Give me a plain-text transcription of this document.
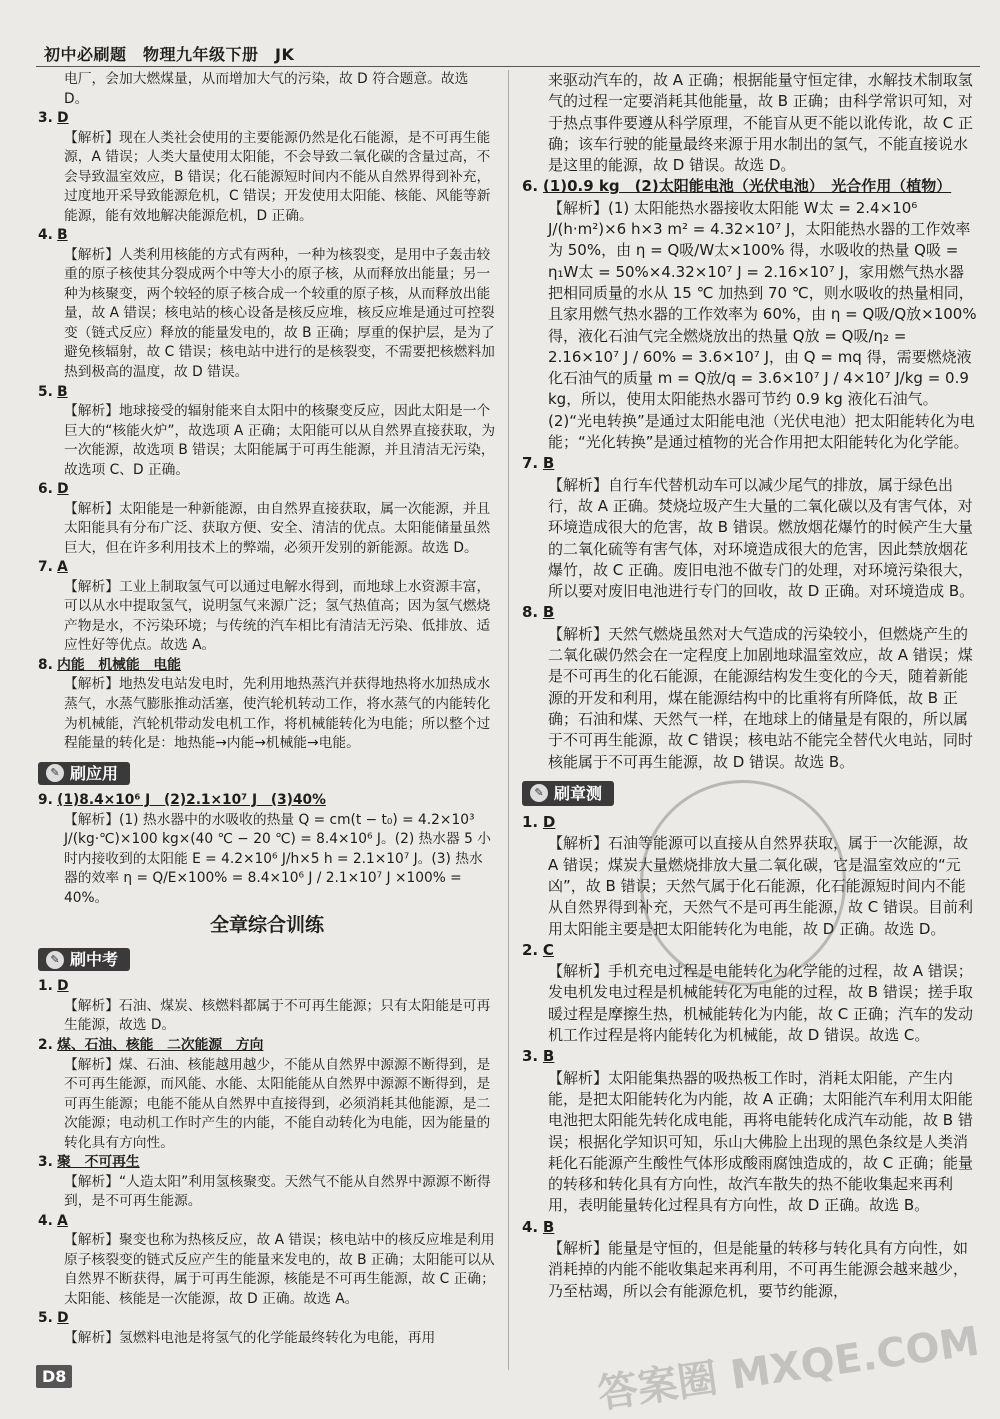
初中必刷题　物理九年级下册　JK

电厂，会加大燃煤量，从而增加大气的污染，故 D 符合题意。故选 D。

3. D

【解析】现在人类社会使用的主要能源仍然是化石能源，是不可再生能源，A 错误；人类大量使用太阳能，不会导致二氧化碳的含量过高，不会导致温室效应，B 错误；化石能源短时间内不能从自然界得到补充，过度地开采导致能源危机，C 错误；开发使用太阳能、核能、风能等新能源，能有效地解决能源危机，D 正确。

4. B

【解析】人类利用核能的方式有两种，一种为核裂变，是用中子轰击较重的原子核使其分裂成两个中等大小的原子核，从而释放出能量；另一种为核聚变，两个较轻的原子核合成一个较重的原子核，从而释放出能量，故 A 错误；核电站的核心设备是核反应堆，核反应堆是通过可控裂变（链式反应）释放的能量发电的，故 B 正确；厚重的保护层，是为了避免核辐射，故 C 错误；核电站中进行的是核裂变，不需要把核燃料加热到极高的温度，故 D 错误。

5. B

【解析】地球接受的辐射能来自太阳中的核聚变反应，因此太阳是一个巨大的“核能火炉”，故选项 A 正确；太阳能可以从自然界直接获取，为一次能源，故选项 B 错误；太阳能属于可再生能源，并且清洁无污染，故选项 C、D 正确。

6. D

【解析】太阳能是一种新能源，由自然界直接获取，属一次能源，并且太阳能具有分布广泛、获取方便、安全、清洁的优点。太阳能储量虽然巨大，但在许多利用技术上的弊端，必须开发别的新能源。故选 D。

7. A

【解析】工业上制取氢气可以通过电解水得到，而地球上水资源丰富，可以从水中提取氢气，说明氢气来源广泛；氢气热值高；因为氢气燃烧产物是水，不污染环境；与传统的汽车相比有清洁无污染、低排放、适应性好等优点。故选 A。

8. 内能　机械能　电能

【解析】地热发电站发电时，先利用地热蒸汽并获得地热将水加热成水蒸气，水蒸气膨胀推动活塞，使汽轮机转动工作，将水蒸气的内能转化为机械能，汽轮机带动发电机工作，将机械能转化为电能；所以整个过程能量的转化是：地热能→内能→机械能→电能。

✎ 刷应用

9. (1)8.4×10⁶ J　(2)2.1×10⁷ J　(3)40%

【解析】(1) 热水器中的水吸收的热量 Q = cm(t − t₀) = 4.2×10³ J/(kg·℃)×100 kg×(40 ℃ − 20 ℃) = 8.4×10⁶ J。(2) 热水器 5 小时内接收到的太阳能 E = 4.2×10⁶ J/h×5 h = 2.1×10⁷ J。(3) 热水器的效率 η = Q/E×100% = 8.4×10⁶ J / 2.1×10⁷ J ×100% = 40%。

全章综合训练
✎ 刷中考

1. D

【解析】石油、煤炭、核燃料都属于不可再生能源；只有太阳能是可再生能源，故选 D。

2. 煤、石油、核能　二次能源　方向

【解析】煤、石油、核能越用越少，不能从自然界中源源不断得到，是不可再生能源，而风能、水能、太阳能能从自然界中源源不断得到，是可再生能源；电能不能从自然界中直接得到，必须消耗其他能源，是二次能源；电动机工作时产生的内能，不能自动转化为电能，因为能量的转化具有方向性。

3. 聚　不可再生

【解析】“人造太阳”利用氢核聚变。天然气不能从自然界中源源不断得到，是不可再生能源。

4. A

【解析】聚变也称为热核反应，故 A 错误；核电站中的核反应堆是利用原子核裂变的链式反应产生的能量来发电的，故 B 正确；太阳能可以从自然界不断获得，属于可再生能源，核能是不可再生能源，故 C 正确；太阳能、核能是一次能源，故 D 正确。故选 A。

5. D

【解析】氢燃料电池是将氢气的化学能最终转化为电能，再用

来驱动汽车的，故 A 正确；根据能量守恒定律，水解技术制取氢气的过程一定要消耗其他能量，故 B 正确；由科学常识可知，对于热点事件要遵从科学原理，不能盲从更不能以讹传讹，故 C 正确；该车行驶的能量最终来源于用水制出的氢气，不能直接说水是这里的能源，故 D 错误。故选 D。

6. (1)0.9 kg　(2)太阳能电池（光伏电池）　光合作用（植物）

【解析】(1) 太阳能热水器接收太阳能 W太 = 2.4×10⁶ J/(h·m²)×6 h×3 m² = 4.32×10⁷ J，太阳能热水器的工作效率为 50%，由 η = Q吸/W太×100% 得，水吸收的热量 Q吸 = η₁W太 = 50%×4.32×10⁷ J = 2.16×10⁷ J，家用燃气热水器把相同质量的水从 15 ℃ 加热到 70 ℃，则水吸收的热量相同，且家用燃气热水器的工作效率为 60%，由 η = Q吸/Q放×100% 得，液化石油气完全燃烧放出的热量 Q放 = Q吸/η₂ = 2.16×10⁷ J / 60% = 3.6×10⁷ J，由 Q = mq 得，需要燃烧液化石油气的质量 m = Q放/q = 3.6×10⁷ J / 4×10⁷ J/kg = 0.9 kg，所以，使用太阳能热水器可节约 0.9 kg 液化石油气。(2)“光电转换”是通过太阳能电池（光伏电池）把太阳能转化为电能；“光化转换”是通过植物的光合作用把太阳能转化为化学能。

7. B

【解析】自行车代替机动车可以减少尾气的排放，属于绿色出行，故 A 正确。焚烧垃圾产生大量的二氧化碳以及有害气体，对环境造成很大的危害，故 B 错误。燃放烟花爆竹的时候产生大量的二氧化硫等有害气体，对环境造成很大的危害，因此禁放烟花爆竹，故 C 正确。废旧电池不做专门的处理，对环境污染很大，所以要对废旧电池进行专门的回收，故 D 正确。对环境造成 B。

8. B

【解析】天然气燃烧虽然对大气造成的污染较小，但燃烧产生的二氧化碳仍然会在一定程度上加剧地球温室效应，故 A 错误；煤是不可再生的化石能源，在能源结构发生变化的今天，随着新能源的开发和利用，煤在能源结构中的比重将有所降低，故 B 正确；石油和煤、天然气一样，在地球上的储量是有限的，所以属于不可再生能源，故 C 错误；核电站不能完全替代火电站，同时核能属于不可再生能源，故 D 错误。故选 B。

✎ 刷章测

1. D

【解析】石油等能源可以直接从自然界获取，属于一次能源，故 A 错误；煤炭大量燃烧排放大量二氧化碳，它是温室效应的“元凶”，故 B 错误；天然气属于化石能源，化石能源短时间内不能从自然界得到补充，天然气不是可再生能源，故 C 错误。目前利用太阳能主要是把太阳能转化为电能，故 D 正确。故选 D。

2. C

【解析】手机充电过程是电能转化为化学能的过程，故 A 错误；发电机发电过程是机械能转化为电能的过程，故 B 错误；搓手取暖过程是摩擦生热，机械能转化为内能，故 C 正确；汽车的发动机工作过程是将内能转化为机械能，故 D 错误。故选 C。

3. B

【解析】太阳能集热器的吸热板工作时，消耗太阳能，产生内能，是把太阳能转化为内能，故 A 正确；太阳能汽车利用太阳能电池把太阳能先转化成电能，再将电能转化成汽车动能，故 B 错误；根据化学知识可知，乐山大佛脸上出现的黑色条纹是人类消耗化石能源产生酸性气体形成酸雨腐蚀造成的，故 C 正确；能量的转移和转化具有方向性，故汽车散失的热不能收集起来再利用，表明能量转化过程具有方向性，故 D 正确。故选 B。

4. B

【解析】能量是守恒的，但是能量的转移与转化具有方向性，如消耗掉的内能不能收集起来再利用，不可再生能源会越来越少，乃至枯竭，所以会有能源危机，要节约能源，

D8	答案圈 MXQE.COM
